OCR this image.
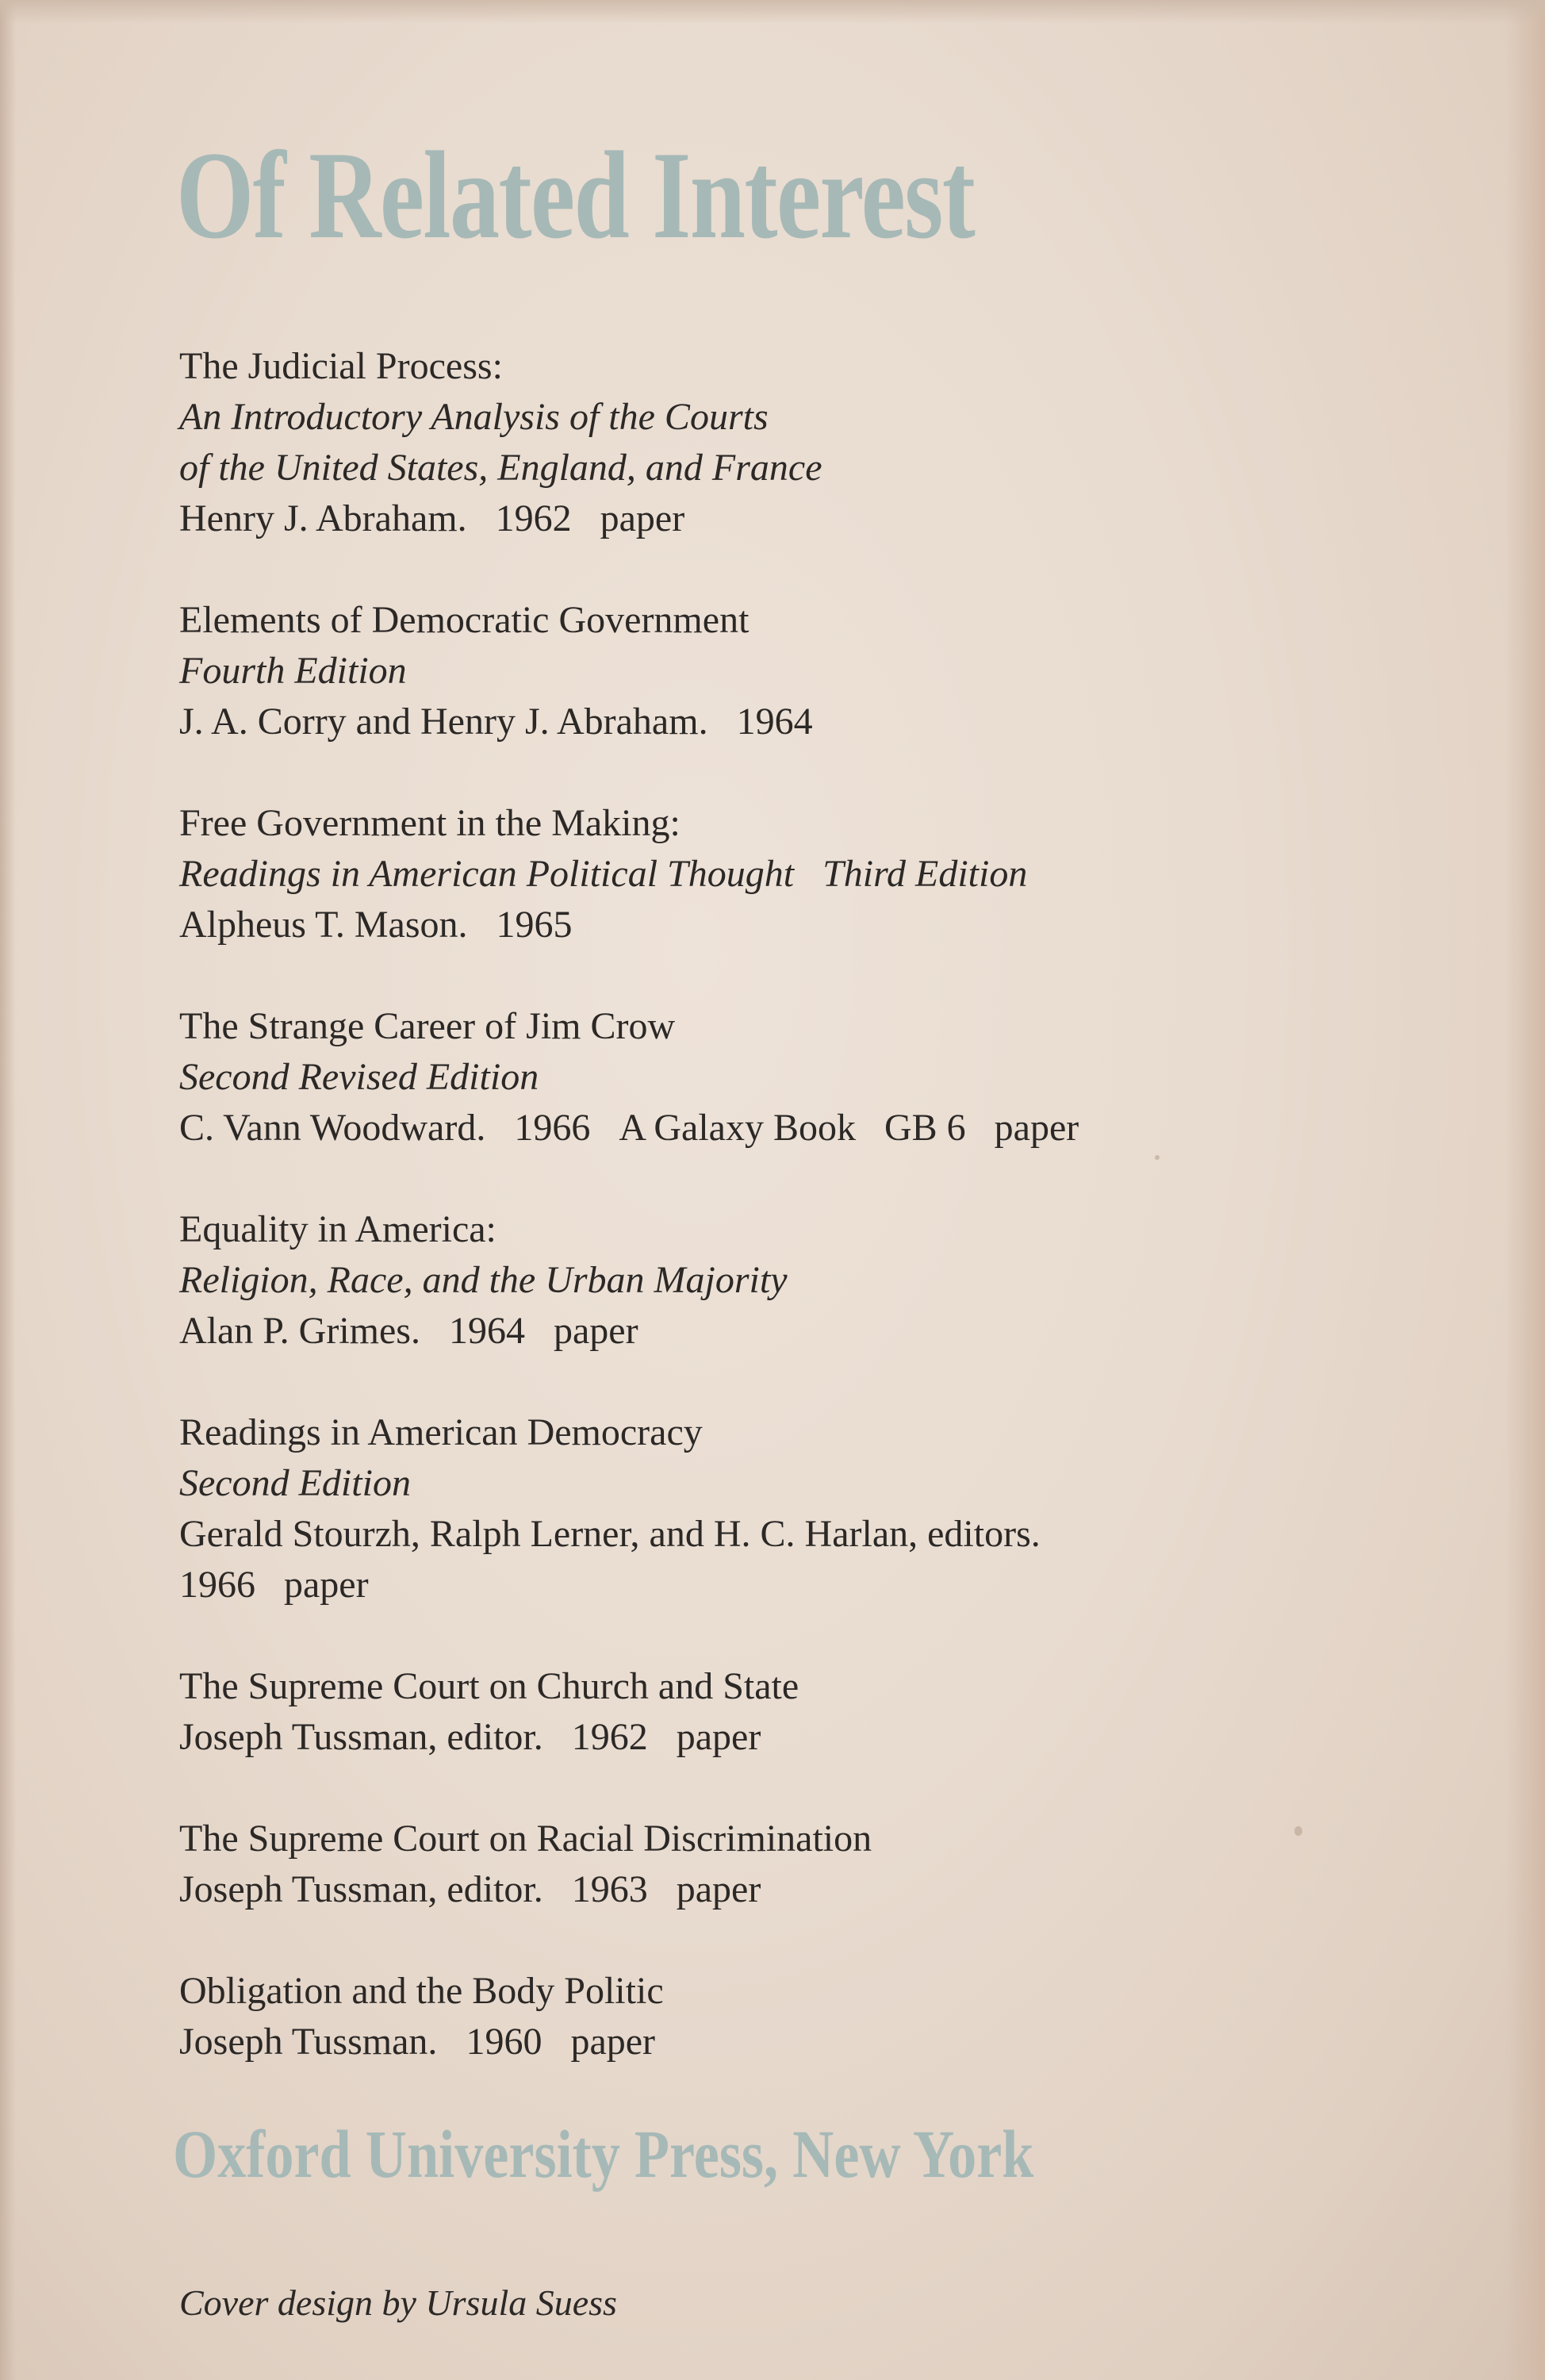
Of Related Interest
The Judicial Process:
An Introductory Analysis of the Courts
of the United States, England, and France
Henry J. Abraham. 1962 paper
Elements of Democratic Government
Fourth Edition
J. A. Corry and Henry J. Abraham. 1964
Free Government in the Making:
Readings in American Political Thought Third Edition
Alpheus T. Mason. 1965
The Strange Career of Jim Crow
Second Revised Edition
C. Vann Woodward. 1966 A Galaxy Book GB 6 paper
Equality in America:
Religion, Race, and the Urban Majority
Alan P. Grimes. 1964 paper
Readings in American Democracy
Second Edition
Gerald Stourzh, Ralph Lerner, and H. C. Harlan, editors.
1966 paper
The Supreme Court on Church and State
Joseph Tussman, editor. 1962 paper
The Supreme Court on Racial Discrimination
Joseph Tussman, editor. 1963 paper
Obligation and the Body Politic
Joseph Tussman. 1960 paper
Oxford University Press, New York
Cover design by Ursula Suess
